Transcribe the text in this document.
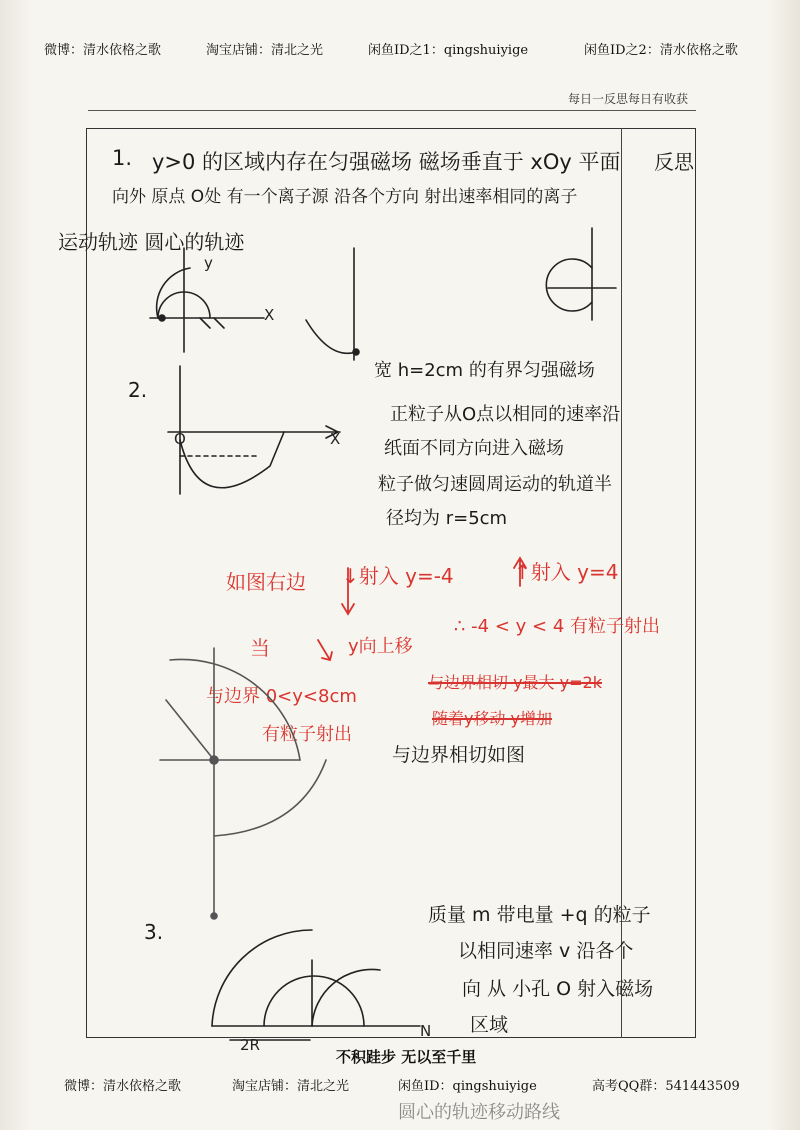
微博：清水依格之歌	淘宝店铺：清北之光	闲鱼ID之1：qingshuiyige	闲鱼ID之2：清水依格之歌
每日一反思每日有收获
1. y>0 的区域内存在匀强磁场 磁场垂直于 xOy 平面 反思
向外 原点 O处 有一个离子源 沿各个方向 射出速率相同的离子
运动轨迹 圆心的轨迹
2.
宽 h=2cm 的有界匀强磁场
正粒子从O点以相同的速率沿
纸面不同方向进入磁场
粒子做匀速圆周运动的轨道半
径均为 r=5cm
如图右边 ↓射入 y=-4	↑射入 y=4
当	y向上移
∴ -4 < y < 4 有粒子射出
与边界相切 y最大 y=2k
随着y移动 y增加
与边界 0<y<8cm
有粒子射出
与边界相切如图
3.
质量 m 带电量 +q 的粒子
以相同速率 v 沿各个
向 从 小孔 O 射入磁场
区域
不积跬步 无以至千里
微博：清水依格之歌	淘宝店铺：清北之光	闲鱼ID：qingshuiyige	高考QQ群：541443509
圆心的轨迹移动路线
y
X
X
O
N
2R
